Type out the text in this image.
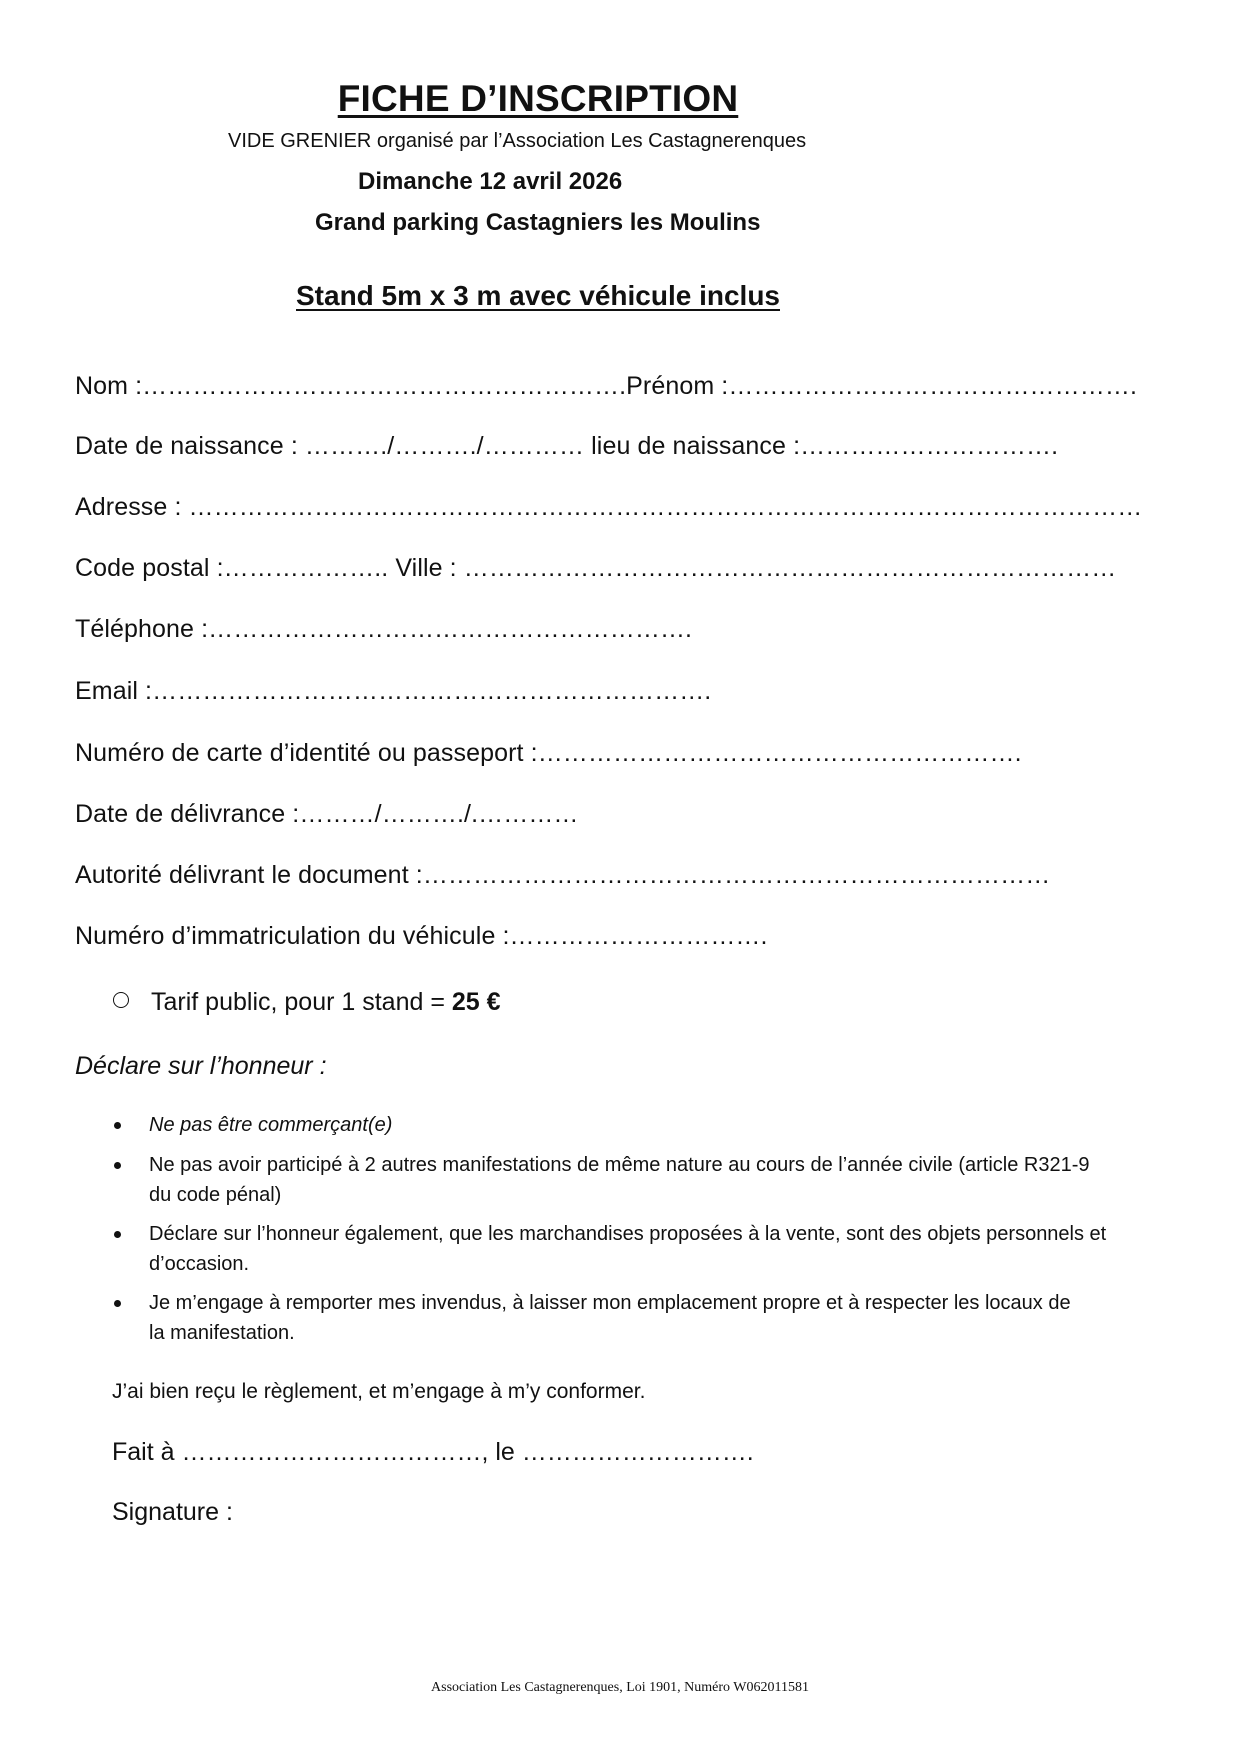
FICHE D’INSCRIPTION
VIDE GRENIER organisé par l’Association Les Castagnerenques
Dimanche 12 avril 2026
Grand parking Castagniers les Moulins
Stand 5m x 3 m avec véhicule inclus
Nom :………………………………………………….Prénom :………………………………………….
Date de naissance : ………./………./………… lieu de naissance :………………………….
Adresse : ……………………………………………………………………………………………………
Code postal :……………….. Ville : ……………………………………………………………………
Téléphone :………………………………………………….
Email :………………………………………………………….
Numéro de carte d’identité ou passeport :………………………………………………….
Date de délivrance :………/………./.…………
Autorité délivrant le document :…………………………………………………………………
Numéro d’immatriculation du véhicule :………………………….
Tarif public, pour 1 stand = 25 €
Déclare sur l’honneur :
Ne pas être commerçant(e)
Ne pas avoir participé à 2 autres manifestations de même nature au cours de l’année civile (article R321-9 du code pénal)
Déclare sur l’honneur également, que les marchandises proposées à la vente, sont des objets personnels et d’occasion.
Je m’engage à remporter mes invendus, à laisser mon emplacement propre et à respecter les locaux de la manifestation.
J’ai bien reçu le règlement, et m’engage à m’y conformer.
Fait à ………………………………, le ……………………….
Signature :
Association Les Castagnerenques, Loi 1901, Numéro W062011581
